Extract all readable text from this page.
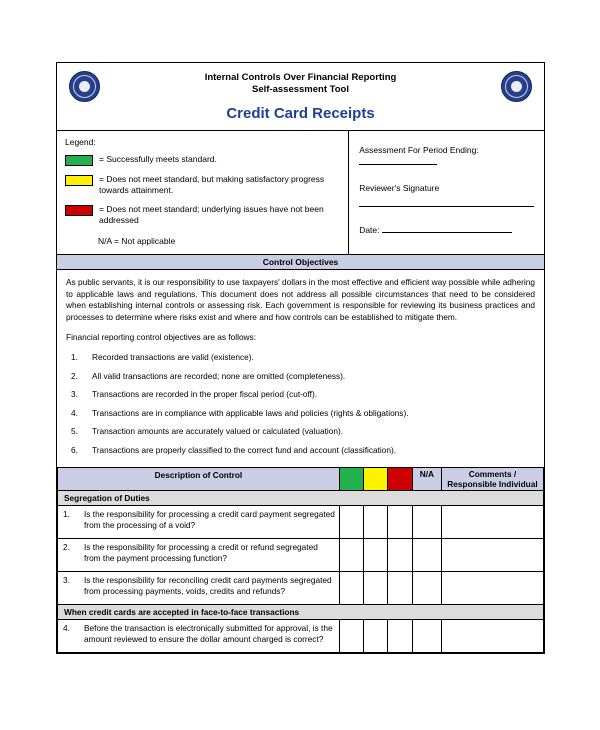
Internal Controls Over Financial Reporting
Self-assessment Tool
Credit Card Receipts
Legend:
= Successfully meets standard.
= Does not meet standard, but making satisfactory progress towards attainment.
= Does not meet standard; underlying issues have not been addressed
N/A = Not applicable
Assessment For Period Ending:
Reviewer's Signature
Date:
Control Objectives

As public servants, it is our responsibility to use taxpayers' dollars in the most effective and efficient way possible while adhering to applicable laws and regulations. This document does not address all possible circumstances that need to be considered when establishing internal controls or assessing risk. Each government is responsible for reviewing its business practices and processes to determine where risks exist and where and how controls can be established to mitigate them.

Financial reporting control objectives are as follows:

1. Recorded transactions are valid (existence).
2. All valid transactions are recorded; none are omitted (completeness).
3. Transactions are recorded in the proper fiscal period (cut-off).
4. Transactions are in compliance with applicable laws and policies (rights & obligations).
5. Transaction amounts are accurately valued or calculated (valuation).
6. Transactions are properly classified to the correct fund and account (classification).
Description of Control				N/A	Comments / Responsible Individual
Segregation of Duties					

1. Is the responsibility for processing a credit card payment segregated from the processing of a void?					

2. Is the responsibility for processing a credit or refund segregated from the payment processing function?					

3. Is the responsibility for reconciling credit card payments segregated from processing payments, voids, credits and refunds?					

When credit cards are accepted in face-to-face transactions					

4. Before the transaction is electronically submitted for approval, is the amount reviewed to ensure the dollar amount charged is correct?					
